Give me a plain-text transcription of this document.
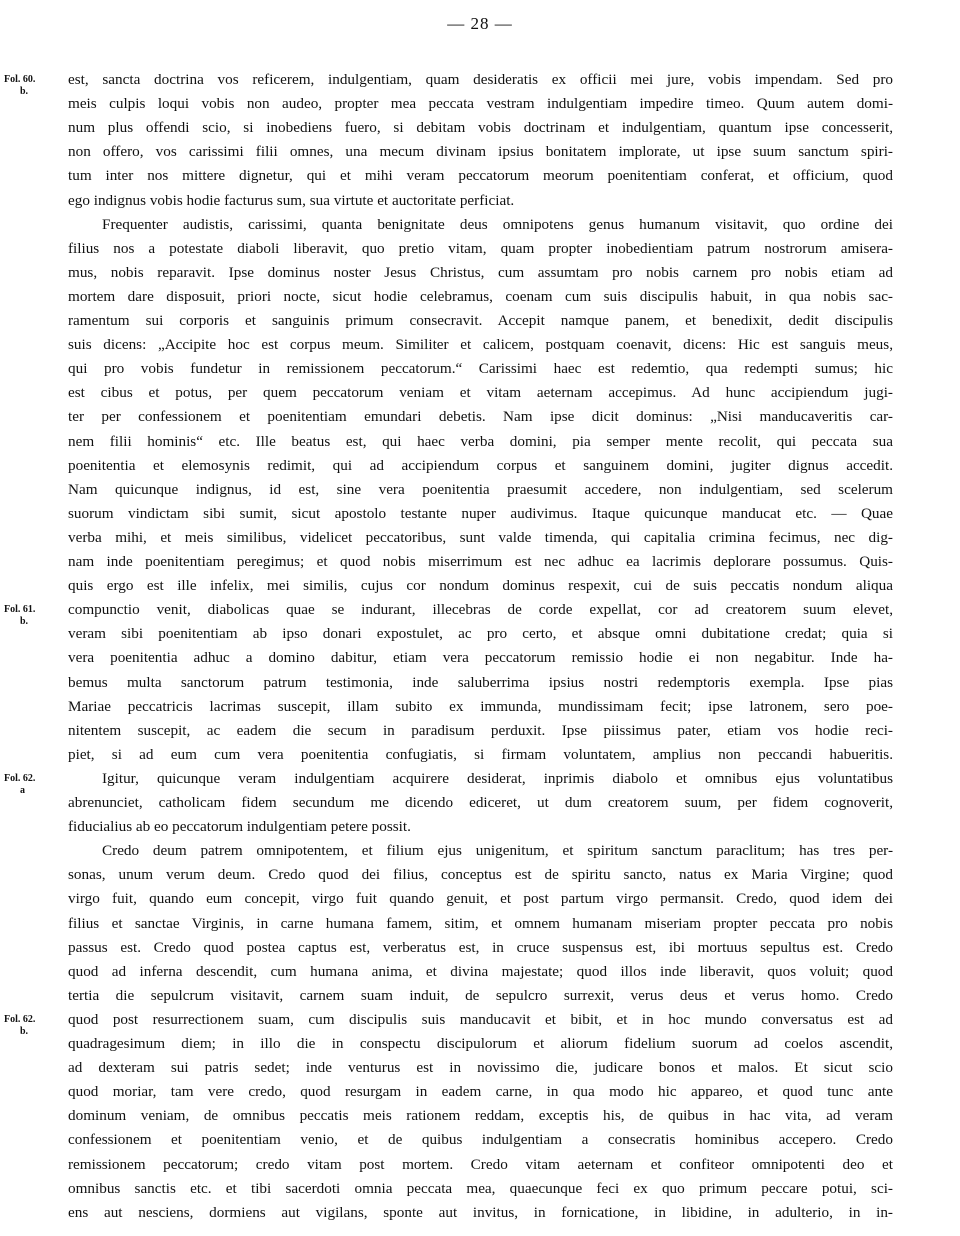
— 28 —
est, sancta doctrina vos reficerem, indulgentiam, quam desideratis ex officii mei jure, vobis impendam. Sed pro
meis culpis loqui vobis non audeo, propter mea peccata vestram indulgentiam impedire timeo. Quum autem domi-
num plus offendi scio, si inobediens fuero, si debitam vobis doctrinam et indulgentiam, quantum ipse concesserit,
non offero, vos carissimi filii omnes, una mecum divinam ipsius bonitatem implorate, ut ipse suum sanctum spiri-
tum inter nos mittere dignetur, qui et mihi veram peccatorum meorum poenitentiam conferat, et officium, quod
ego indignus vobis hodie facturus sum, sua virtute et auctoritate perficiat.
Frequenter audistis, carissimi, quanta benignitate deus omnipotens genus humanum visitavit, quo ordine dei
filius nos a potestate diaboli liberavit, quo pretio vitam, quam propter inobedientiam patrum nostrorum amisera-
mus, nobis reparavit. Ipse dominus noster Jesus Christus, cum assumtam pro nobis carnem pro nobis etiam ad
mortem dare disposuit, priori nocte, sicut hodie celebramus, coenam cum suis discipulis habuit, in qua nobis sac-
ramentum sui corporis et sanguinis primum consecravit. Accepit namque panem, et benedixit, dedit discipulis
suis dicens: „Accipite hoc est corpus meum. Similiter et calicem, postquam coenavit, dicens: Hic est sanguis meus,
qui pro vobis fundetur in remissionem peccatorum.“ Carissimi haec est redemtio, qua redempti sumus; hic
est cibus et potus, per quem peccatorum veniam et vitam aeternam accepimus. Ad hunc accipiendum jugi-
ter per confessionem et poenitentiam emundari debetis. Nam ipse dicit dominus: „Nisi manducaveritis car-
nem filii hominis“ etc. Ille beatus est, qui haec verba domini, pia semper mente recolit, qui peccata sua
poenitentia et elemosynis redimit, qui ad accipiendum corpus et sanguinem domini, jugiter dignus accedit.
Nam quicunque indignus, id est, sine vera poenitentia praesumit accedere, non indulgentiam, sed scelerum
suorum vindictam sibi sumit, sicut apostolo testante nuper audivimus. Itaque quicunque manducat etc. — Quae
verba mihi, et meis similibus, videlicet peccatoribus, sunt valde timenda, qui capitalia crimina fecimus, nec dig-
nam inde poenitentiam peregimus; et quod nobis miserrimum est nec adhuc ea lacrimis deplorare possumus. Quis-
quis ergo est ille infelix, mei similis, cujus cor nondum dominus respexit, cui de suis peccatis nondum aliqua
compunctio venit, diabolicas quae se indurant, illecebras de corde expellat, cor ad creatorem suum elevet,
veram sibi poenitentiam ab ipso donari expostulet, ac pro certo, et absque omni dubitatione credat; quia si
vera poenitentia adhuc a domino dabitur, etiam vera peccatorum remissio hodie ei non negabitur. Inde ha-
bemus multa sanctorum patrum testimonia, inde saluberrima ipsius nostri redemptoris exempla. Ipse pias
Mariae peccatricis lacrimas suscepit, illam subito ex immunda, mundissimam fecit; ipse latronem, sero poe-
nitentem suscepit, ac eadem die secum in paradisum perduxit. Ipse piissimus pater, etiam vos hodie reci-
piet, si ad eum cum vera poenitentia confugiatis, si firmam voluntatem, amplius non peccandi habueritis.
Igitur, quicunque veram indulgentiam acquirere desiderat, inprimis diabolo et omnibus ejus voluntatibus
abrenunciet, catholicam fidem secundum me dicendo ediceret, ut dum creatorem suum, per fidem cognoverit,
fiducialius ab eo peccatorum indulgentiam petere possit.
Credo deum patrem omnipotentem, et filium ejus unigenitum, et spiritum sanctum paraclitum; has tres per-
sonas, unum verum deum. Credo quod dei filius, conceptus est de spiritu sancto, natus ex Maria Virgine; quod
virgo fuit, quando eum concepit, virgo fuit quando genuit, et post partum virgo permansit. Credo, quod idem dei
filius et sanctae Virginis, in carne humana famem, sitim, et omnem humanam miseriam propter peccata pro nobis
passus est. Credo quod postea captus est, verberatus est, in cruce suspensus est, ibi mortuus sepultus est. Credo
quod ad inferna descendit, cum humana anima, et divina majestate; quod illos inde liberavit, quos voluit; quod
tertia die sepulcrum visitavit, carnem suam induit, de sepulcro surrexit, verus deus et verus homo. Credo
quod post resurrectionem suam, cum discipulis suis manducavit et bibit, et in hoc mundo conversatus est ad
quadragesimum diem; in illo die in conspectu discipulorum et aliorum fidelium suorum ad coelos ascendit,
ad dexteram sui patris sedet; inde venturus est in novissimo die, judicare bonos et malos. Et sicut scio
quod moriar, tam vere credo, quod resurgam in eadem carne, in qua modo hic appareo, et quod tunc ante
dominum veniam, de omnibus peccatis meis rationem reddam, exceptis his, de quibus in hac vita, ad veram
confessionem et poenitentiam venio, et de quibus indulgentiam a consecratis hominibus accepero. Credo
remissionem peccatorum; credo vitam post mortem. Credo vitam aeternam et confiteor omnipotenti deo et
omnibus sanctis etc. et tibi sacerdoti omnia peccata mea, quaecunque feci ex quo primum peccare potui, sci-
ens aut nesciens, dormiens aut vigilans, sponte aut invitus, in fornicatione, in libidine, in adulterio, in in-
Fol. 60.
b.
Fol. 61.
b.
Fol. 62.
a
Fol. 62.
b.
